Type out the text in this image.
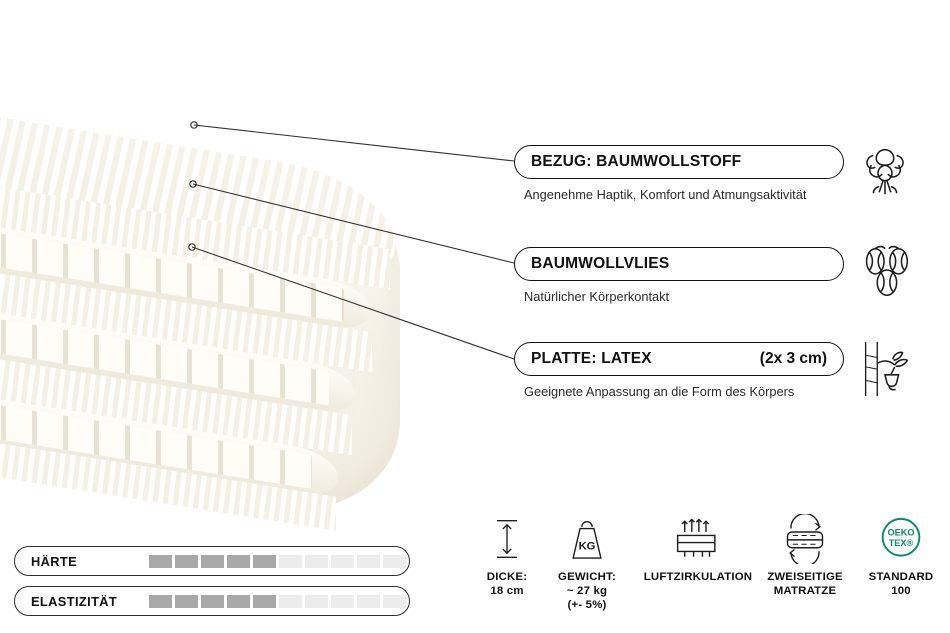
BEZUG: BAUMWOLLSTOFF
Angenehme Haptik, Komfort und Atmungsaktivität
BAUMWOLLVLIES
Natürlicher Körperkontakt
PLATTE: LATEX	(2x 3 cm)
Geeignete Anpassung an die Form des Körpers
HÄRTE
ELASTIZITÄT
DICKE:
18 cm
KG
GEWICHT:
~ 27 kg
(+- 5%)
LUFTZIRKULATION	ZWEISEITIGE
MATRATZE
OEKO
TEX®
STANDARD
100
